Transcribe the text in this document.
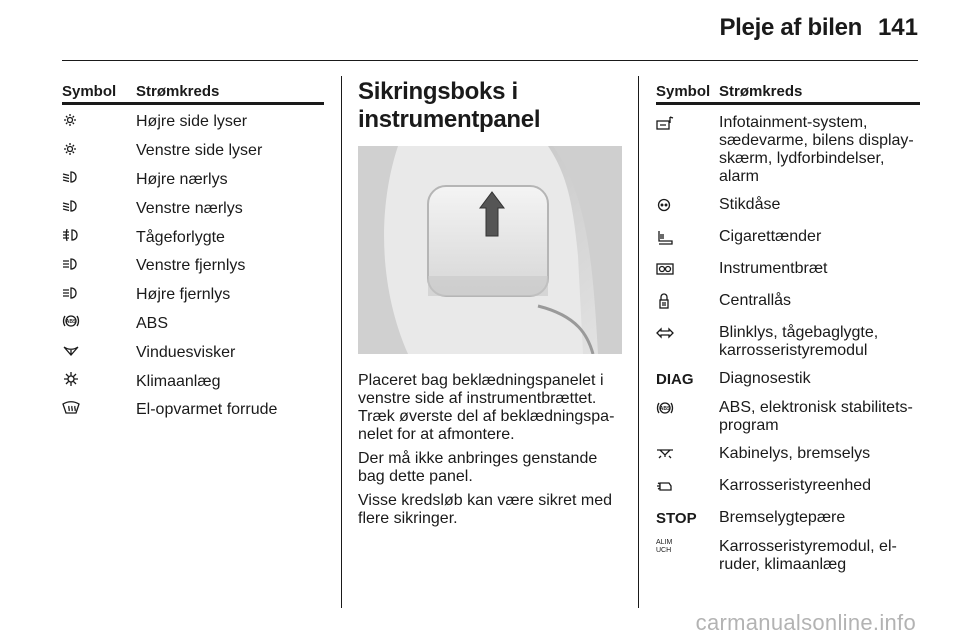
Pleje af bilen 141
Symbol	Strømkreds
Højre side lyser
Venstre side lyser
Højre nærlys
Venstre nærlys
Tågeforlygte
Venstre fjernlys
Højre fjernlys
ABS	ABS
Vinduesvisker
Klimaanlæg
El-opvarmet forrude
Sikringsboks i
instrumentpanel

Placeret bag beklædningspanelet i venstre side af instrumentbrættet. Træk øverste del af beklædningspa-nelet for at afmontere.

Der må ikke anbringes genstande bag dette panel.

Visse kredsløb kan være sikret med flere sikringer.

Symbol Strømkreds
Infotainment-system, sædevarme, bilens display-skærm, lydforbindelser, alarm
Stikdåse
Cigarettænder
Instrumentbræt
Centrallås
Blinklys, tågebaglygte, karrosseristyremodul
DIAG Diagnosestik
ABS	ABS, elektronisk stabilitets-program
Kabinelys, bremselys
Karrosseristyreenhed
STOP Bremselygtepære
ALIM
UCH	Karrosseristyremodul, el-ruder, klimaanlæg
carmanualsonline.info
